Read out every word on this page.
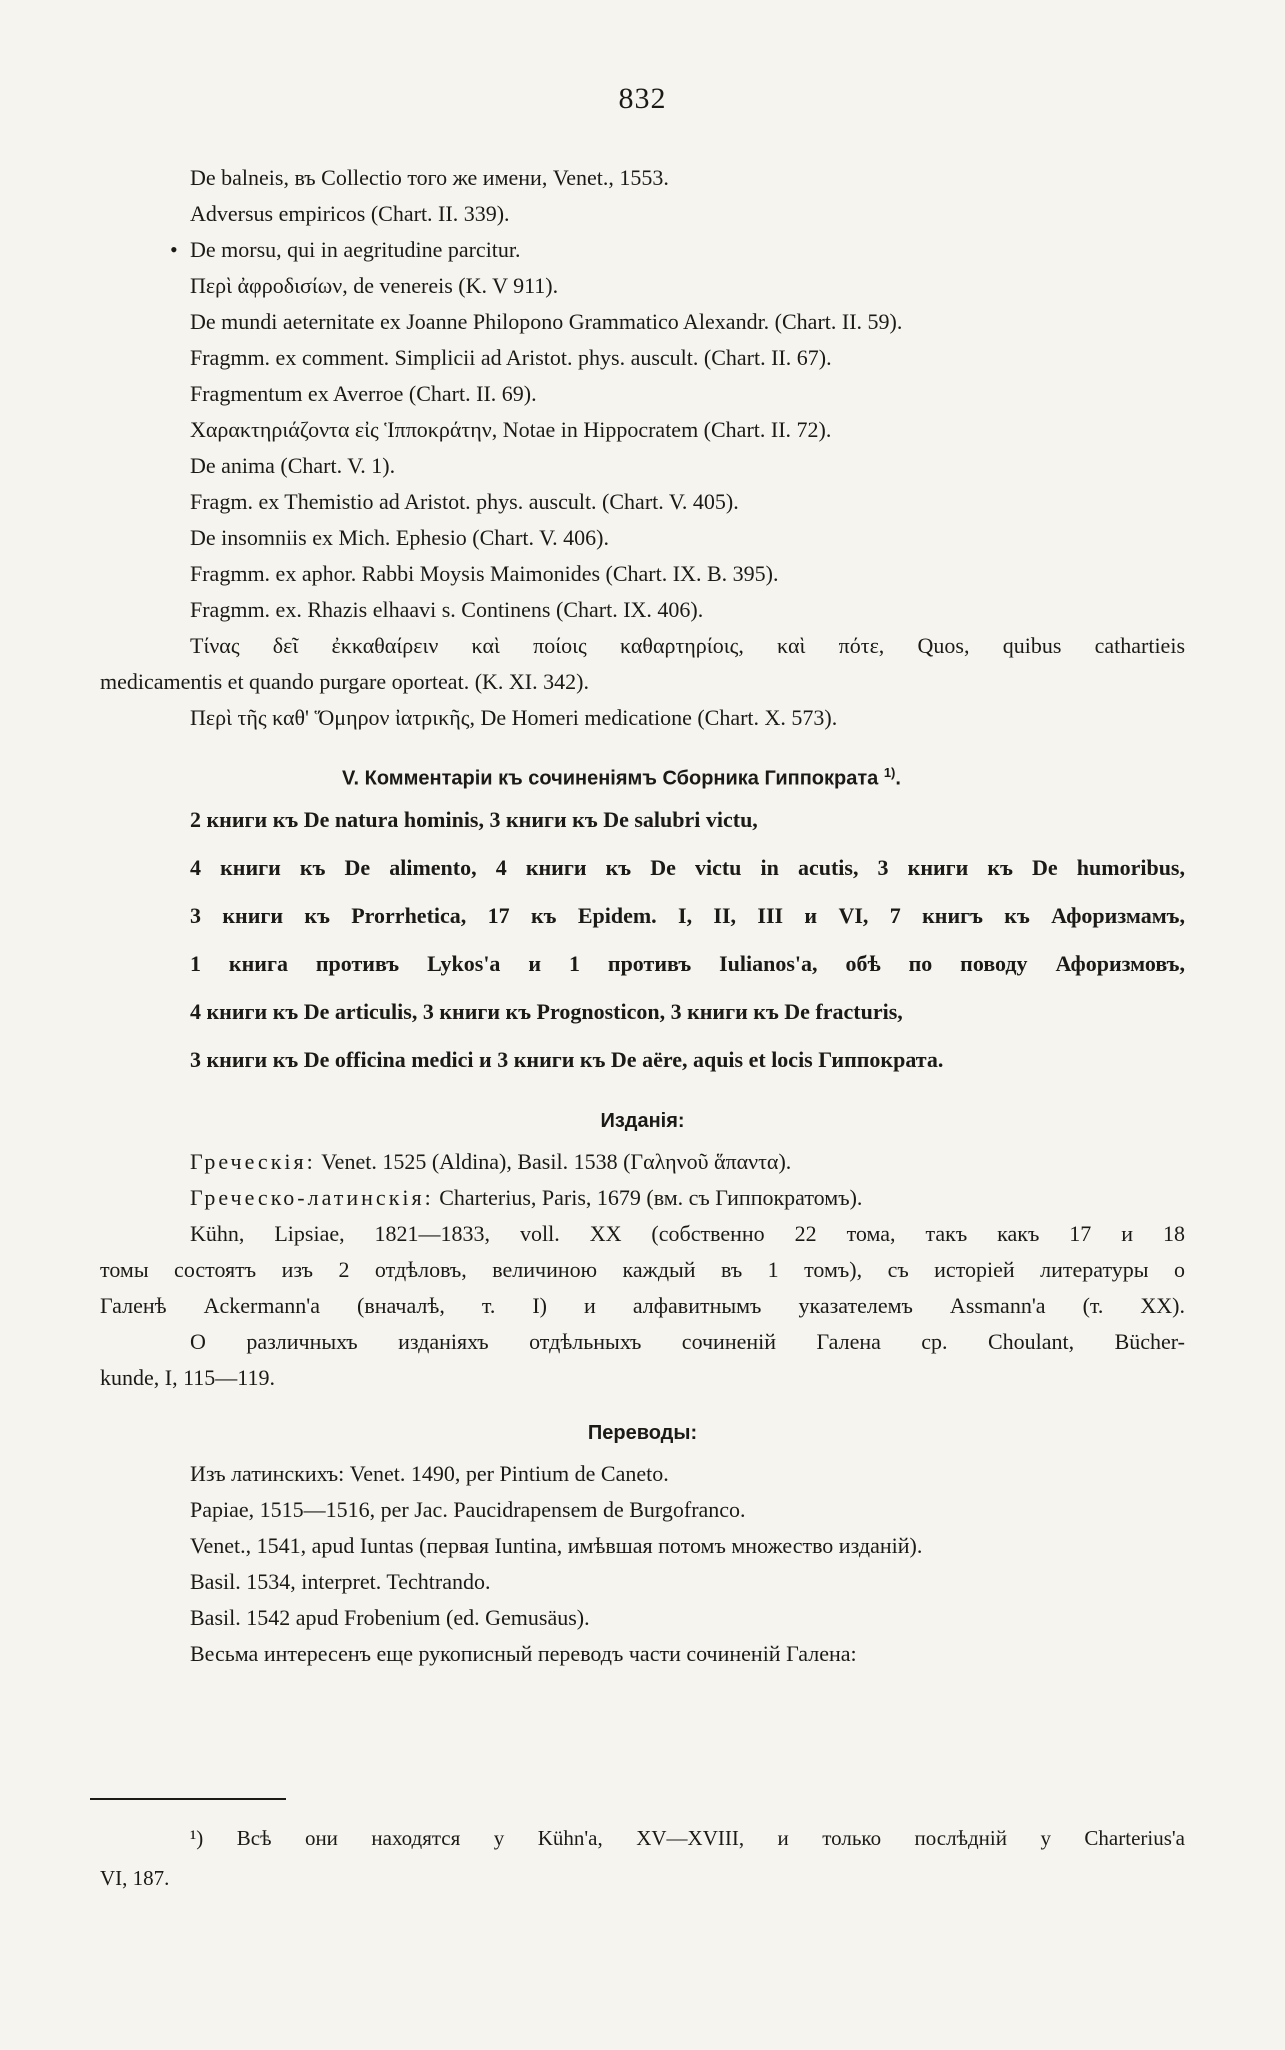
832
De balneis, въ Collectio того же имени, Venet., 1553.
Adversus empiricos (Chart. II. 339).
• De morsu, qui in aegritudine parcitur.
Περὶ ἀφροδισίων, de venereis (K. V 911).
De mundi aeternitate ex Joanne Philopono Grammatico Alexandr. (Chart. II. 59).
Fragmm. ex comment. Simplicii ad Aristot. phys. auscult. (Chart. II. 67).
Fragmentum ex Averroe (Chart. II. 69).
Χαρακτηριάζοντα εἰς Ἱπποκράτην, Notae in Hippocratem (Chart. II. 72).
De anima (Chart. V. 1).
Fragm. ex Themistio ad Aristot. phys. auscult. (Chart. V. 405).
De insomniis ex Mich. Ephesio (Chart. V. 406).
Fragmm. ex aphor. Rabbi Moysis Maimonides (Chart. IX. B. 395).
Fragmm. ex. Rhazis elhaavi s. Continens (Chart. IX. 406).
Τίνας δεῖ ἐκκαθαίρειν καὶ ποίοις καθαρτηρίοις, καὶ πότε, Quos, quibus cathartieis
medicamentis et quando purgare oporteat. (K. XI. 342).
Περὶ τῆς καθ' Ὅμηρον ἰατρικῆς, De Homeri medicatione (Chart. X. 573).
V. Комментаріи къ сочиненіямъ Сборника Гиппократа $^{1)}$.
2 книги къ De natura hominis, 3 книги къ De salubri victu,
4 книги къ De alimento, 4 книги къ De victu in acutis, 3 книги къ De humoribus,
3 книги къ Prorrhetica, 17 къ Epidem. I, II, III и VI, 7 книгъ къ Афоризмамъ,
1 книга противъ Lykos'a и 1 противъ Iulianos'a, обѣ по поводу Афоризмовъ,
4 книги къ De articulis, 3 книги къ Prognosticon, 3 книги къ De fracturis,
3 книги къ De officina medici и 3 книги къ De aëre, aquis et locis Гиппократа.
Изданія:
Греческія: Venet. 1525 (Aldina), Basil. 1538 (Γαληνοῦ ἅπαντα).
Греческо-латинскія: Charterius, Paris, 1679 (вм. съ Гиппократомъ).
Kühn, Lipsiae, 1821—1833, voll. XX (собственно 22 тома, такъ какъ 17 и 18
томы состоятъ изъ 2 отдѣловъ, величиною каждый въ 1 томъ), съ исторіей литературы о
Галенѣ Ackermann'a (вначалѣ, т. I) и алфавитнымъ указателемъ Assmann'a (т. XX).
О различныхъ изданіяхъ отдѣльныхъ сочиненій Галена ср. Choulant, Bücher-
kunde, I, 115—119.
Переводы:
Изъ латинскихъ: Venet. 1490, per Pintium de Caneto.
Papiae, 1515—1516, per Jac. Paucidrapensem de Burgofranco.
Venet., 1541, apud Iuntas (первая Iuntina, имѣвшая потомъ множество изданій).
Basil. 1534, interpret. Techtrando.
Basil. 1542 apud Frobenium (ed. Gemusäus).
Весьма интересенъ еще рукописный переводъ части сочиненій Галена:
¹) Всѣ они находятся у Kühn'a, XV—XVIII, и только послѣдній у Charterius'a
VI, 187.
